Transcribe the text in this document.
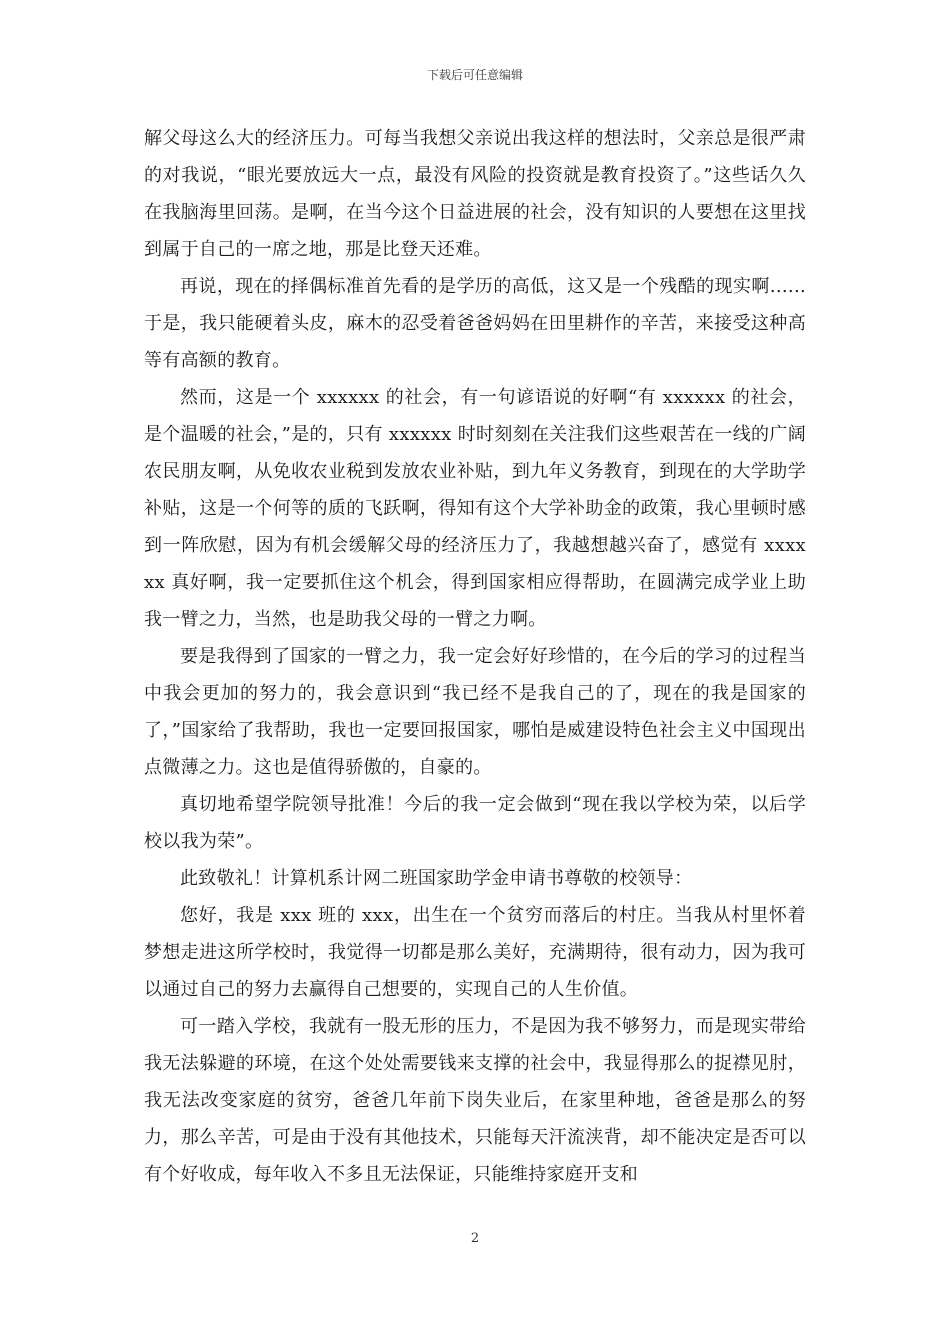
下载后可任意编辑

解父母这么大的经济压力。可每当我想父亲说出我这样的想法时，父亲总是很严肃的对我说，“眼光要放远大一点，最没有风险的投资就是教育投资了。”这些话久久在我脑海里回荡。是啊，在当今这个日益进展的社会，没有知识的人要想在这里找到属于自己的一席之地，那是比登天还难。

再说，现在的择偶标准首先看的是学历的高低，这又是一个残酷的现实啊......于是，我只能硬着头皮，麻木的忍受着爸爸妈妈在田里耕作的辛苦，来接受这种高等有高额的教育。

然而，这是一个 xxxxxx 的社会，有一句谚语说的好啊“有 xxxxxx 的社会，是个温暖的社会，”是的，只有 xxxxxx 时时刻刻在关注我们这些艰苦在一线的广阔农民朋友啊，从免收农业税到发放农业补贴，到九年义务教育，到现在的大学助学补贴，这是一个何等的质的飞跃啊，得知有这个大学补助金的政策，我心里顿时感到一阵欣慰，因为有机会缓解父母的经济压力了，我越想越兴奋了，感觉有 xxxxxx 真好啊，我一定要抓住这个机会，得到国家相应得帮助，在圆满完成学业上助我一臂之力，当然，也是助我父母的一臂之力啊。

要是我得到了国家的一臂之力，我一定会好好珍惜的，在今后的学习的过程当中我会更加的努力的，我会意识到“我已经不是我自己的了，现在的我是国家的了，”国家给了我帮助，我也一定要回报国家，哪怕是威建设特色社会主义中国现出点微薄之力。这也是值得骄傲的，自豪的。

真切地希望学院领导批准！今后的我一定会做到“现在我以学校为荣，以后学校以我为荣”。

此致敬礼！计算机系计网二班国家助学金申请书尊敬的校领导：

您好，我是 xxx 班的 xxx，出生在一个贫穷而落后的村庄。当我从村里怀着梦想走进这所学校时，我觉得一切都是那么美好，充满期待，很有动力，因为我可以通过自己的努力去赢得自己想要的，实现自己的人生价值。

可一踏入学校，我就有一股无形的压力，不是因为我不够努力，而是现实带给我无法躲避的环境，在这个处处需要钱来支撑的社会中，我显得那么的捉襟见肘，我无法改变家庭的贫穷，爸爸几年前下岗失业后，在家里种地，爸爸是那么的努力，那么辛苦，可是由于没有其他技术，只能每天汗流浃背，却不能决定是否可以有个好收成，每年收入不多且无法保证，只能维持家庭开支和

2
